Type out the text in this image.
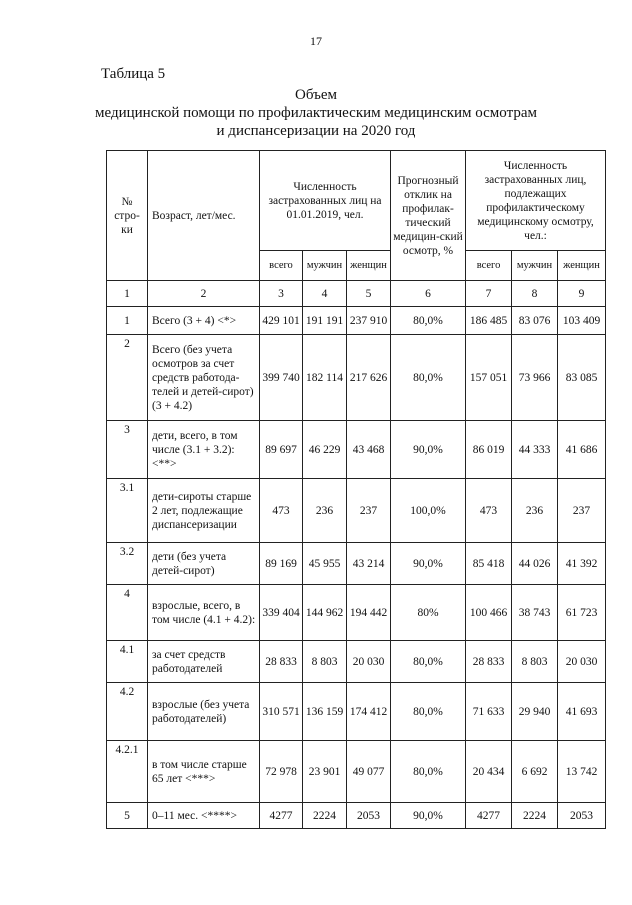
17
Таблица 5
Объем
медицинской помощи по профилактическим медицинским осмотрам
и диспансеризации на 2020 год
№ стро-ки	Возраст, лет/мес.	Численность застрахованных лиц на 01.01.2019, чел.			Прогнозный отклик на профилак-тический медицин-ский осмотр, %	Численность застрахованных лиц, подлежащих профилактическому медицинскому осмотру, чел.:		
		всего	мужчин	женщин		всего	мужчин	женщин
1	2	3	4	5	6	7	8	9
1	Всего (3 + 4) <*>	429 101	191 191	237 910	80,0%	186 485	83 076	103 409
2	Всего (без учета осмотров за счет средств работода-телей и детей-сирот) (3 + 4.2)	399 740	182 114	217 626	80,0%	157 051	73 966	83 085
3	дети, всего, в том числе (3.1 + 3.2): <**>	89 697	46 229	43 468	90,0%	86 019	44 333	41 686
3.1	дети-сироты старше 2 лет, подлежащие диспансеризации	473	236	237	100,0%	473	236	237
3.2	дети (без учета детей-сирот)	89 169	45 955	43 214	90,0%	85 418	44 026	41 392
4	взрослые, всего, в том числе (4.1 + 4.2):	339 404	144 962	194 442	80%	100 466	38 743	61 723
4.1	за счет средств работодателей	28 833	8 803	20 030	80,0%	28 833	8 803	20 030
4.2	взрослые (без учета работодателей)	310 571	136 159	174 412	80,0%	71 633	29 940	41 693
4.2.1	в том числе старше 65 лет <***>	72 978	23 901	49 077	80,0%	20 434	6 692	13 742
5	0–11 мес. <****>	4277	2224	2053	90,0%	4277	2224	2053
